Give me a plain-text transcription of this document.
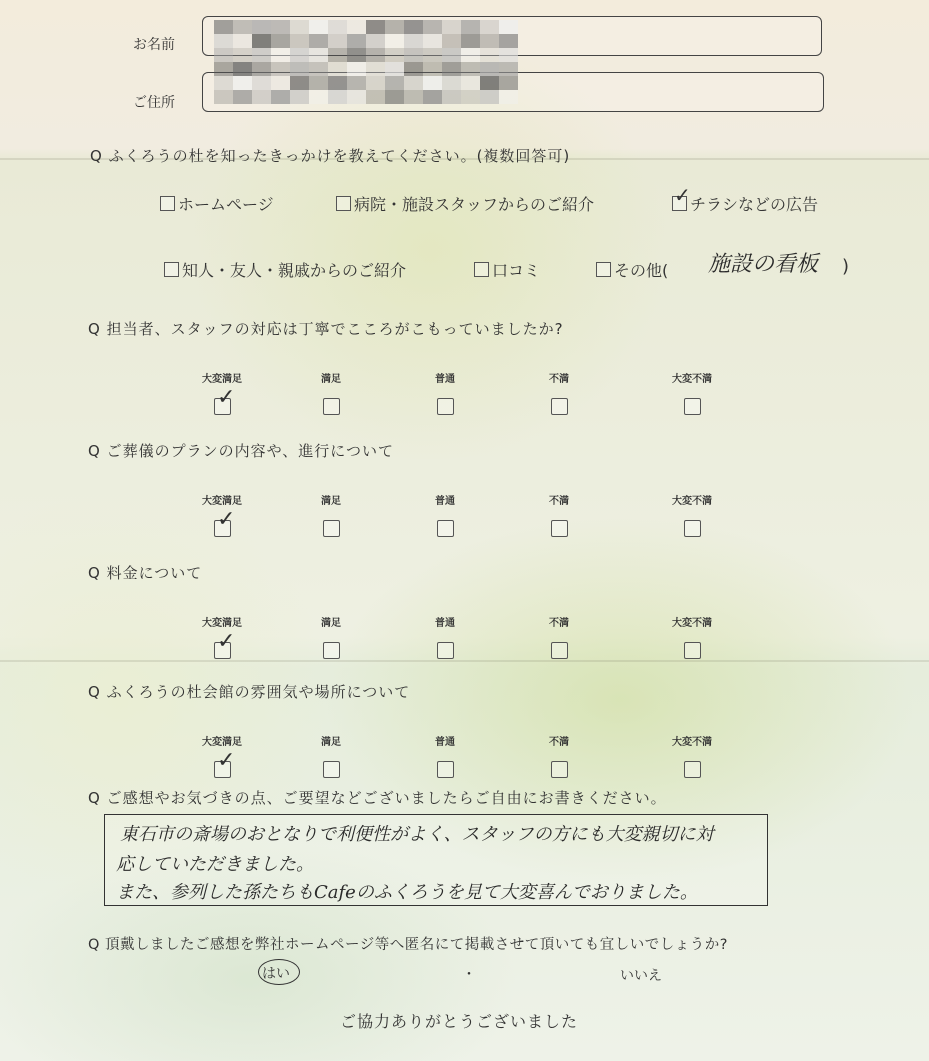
お名前
ご住所
Q ふくろうの杜を知ったきっかけを教えてください。(複数回答可)
ホームページ	病院・施設スタッフからのご紹介	✓ チラシなどの広告
知人・友人・親戚からのご紹介	口コミ	その他( 施設の看板 )
Q 担当者、スタッフの対応は丁寧でこころがこもっていましたか?
大変満足
✓
満足	普通	不満	大変不満
Q ご葬儀のプランの内容や、進行について
大変満足
✓
満足	普通	不満	大変不満
Q 料金について
大変満足
✓
満足	普通	不満	大変不満
Q ふくろうの杜会館の雰囲気や場所について
大変満足
✓
満足	普通	不満	大変不満
Q ご感想やお気づきの点、ご要望などございましたらご自由にお書きください。
東石市の斎場のおとなりで利便性がよく、スタッフの方にも大変親切に対
応していただきました。
また、参列した孫たちもCafeのふくろうを見て大変喜んでおりました。
Q 頂戴しましたご感想を弊社ホームページ等へ匿名にて掲載させて頂いても宜しいでしょうか?
はい	・	いいえ
ご協力ありがとうございました
